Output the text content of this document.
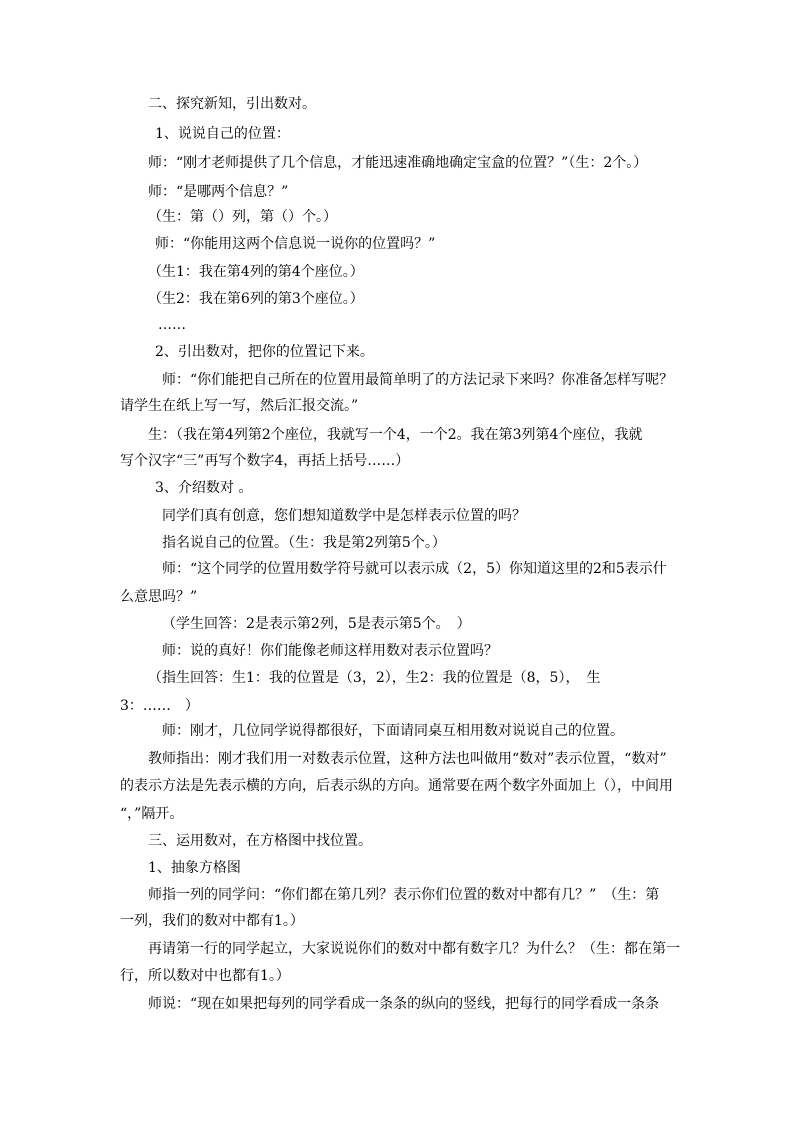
二、探究新知，引出数对。
1、说说自己的位置：
师：“刚才老师提供了几个信息，才能迅速准确地确定宝盒的位置？”（生：2个。）
师：“是哪两个信息？”
（生：第（）列，第（）个。）
师：“你能用这两个信息说一说你的位置吗？”
（生1：我在第4列的第4个座位。）
（生2：我在第6列的第3个座位。）
……
2、引出数对，把你的位置记下来。
师：“你们能把自己所在的位置用最简单明了的方法记录下来吗？你准备怎样写呢？
请学生在纸上写一写，然后汇报交流。”
生：（我在第4列第2个座位，我就写一个4，一个2。我在第3列第4个座位，我就
写个汉字“三”再写个数字4，再括上括号……）
3、介绍数对 。
同学们真有创意，您们想知道数学中是怎样表示位置的吗？
指名说自己的位置。（生：我是第2列第5个。）
师：“这个同学的位置用数学符号就可以表示成（2，5）你知道这里的2和5表示什
么意思吗？”
（学生回答：2是表示第2列，5是表示第5个。　）
师：说的真好！你们能像老师这样用数对表示位置吗？
（指生回答：生1：我的位置是（3，2），生2：我的位置是（8，5），　生
3：……　）
师：刚才，几位同学说得都很好，下面请同桌互相用数对说说自己的位置。
教师指出：刚才我们用一对数表示位置，这种方法也叫做用“数对”表示位置，“数对”
的表示方法是先表示横的方向，后表示纵的方向。通常要在两个数字外面加上（），中间用
“，”隔开。
三、运用数对，在方格图中找位置。
1、抽象方格图
师指一列的同学问：“你们都在第几列？表示你们位置的数对中都有几？”　（生：第
一列，我们的数对中都有1。）
再请第一行的同学起立，大家说说你们的数对中都有数字几？为什么？（生：都在第一
行，所以数对中也都有1。）
师说：“现在如果把每列的同学看成一条条的纵向的竖线，把每行的同学看成一条条
